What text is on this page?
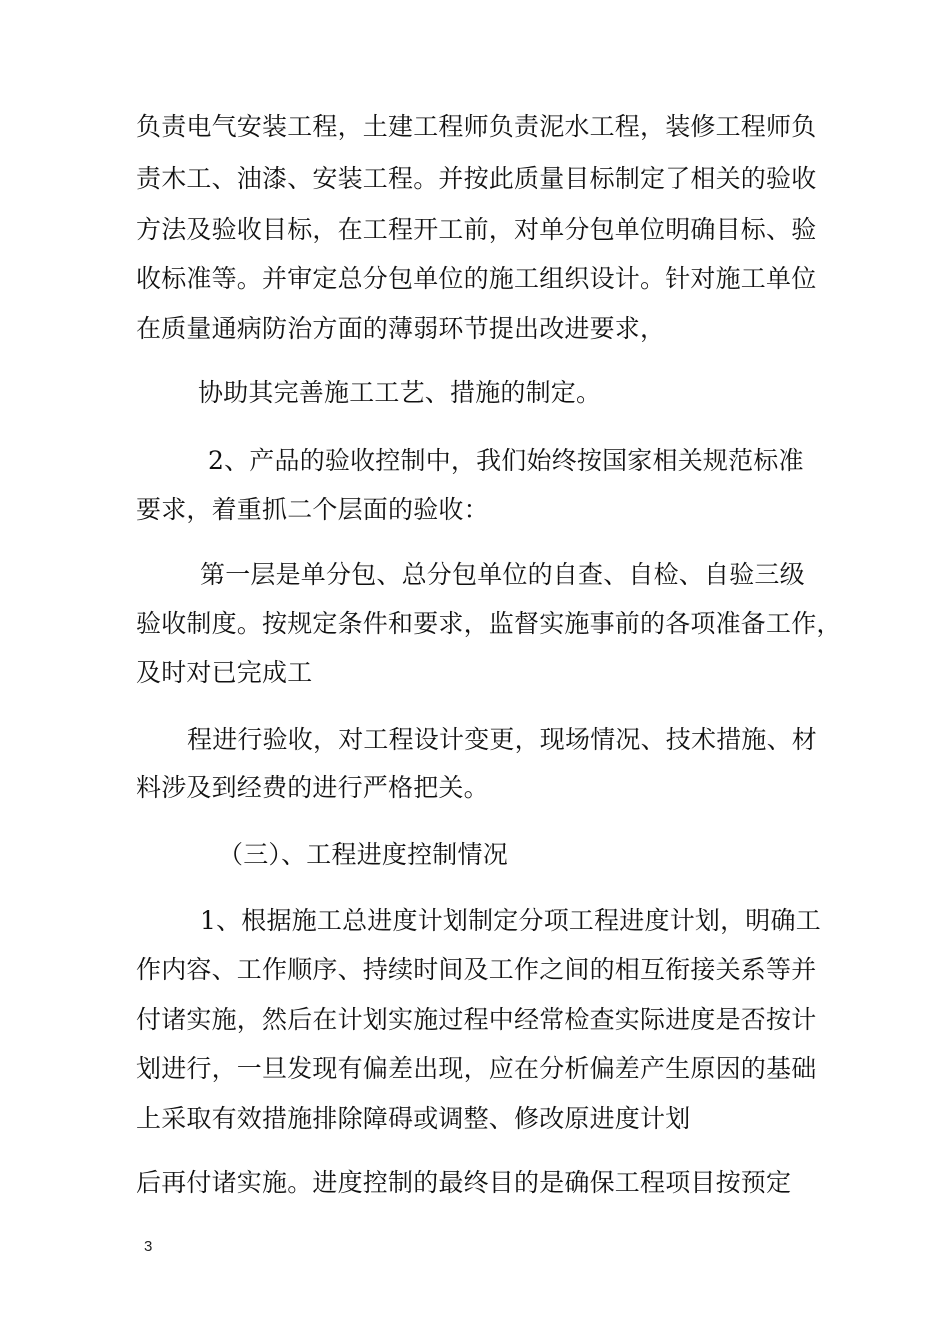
负责电气安装工程，土建工程师负责泥水工程，装修工程师负
责木工、油漆、安装工程。并按此质量目标制定了相关的验收
方法及验收目标，在工程开工前，对单分包单位明确目标、验
收标准等。并审定总分包单位的施工组织设计。针对施工单位
在质量通病防治方面的薄弱环节提出改进要求，
协助其完善施工工艺、措施的制定。
2、产品的验收控制中，我们始终按国家相关规范标准
要求，着重抓二个层面的验收：
第一层是单分包、总分包单位的自查、自检、自验三级
验收制度。按规定条件和要求，监督实施事前的各项准备工作，
及时对已完成工
程进行验收，对工程设计变更，现场情况、技术措施、材
料涉及到经费的进行严格把关。
（三）、工程进度控制情况
1、根据施工总进度计划制定分项工程进度计划，明确工
作内容、工作顺序、持续时间及工作之间的相互衔接关系等并
付诸实施，然后在计划实施过程中经常检查实际进度是否按计
划进行，一旦发现有偏差出现，应在分析偏差产生原因的基础
上采取有效措施排除障碍或调整、修改原进度计划
后再付诸实施。进度控制的最终目的是确保工程项目按预定
3
